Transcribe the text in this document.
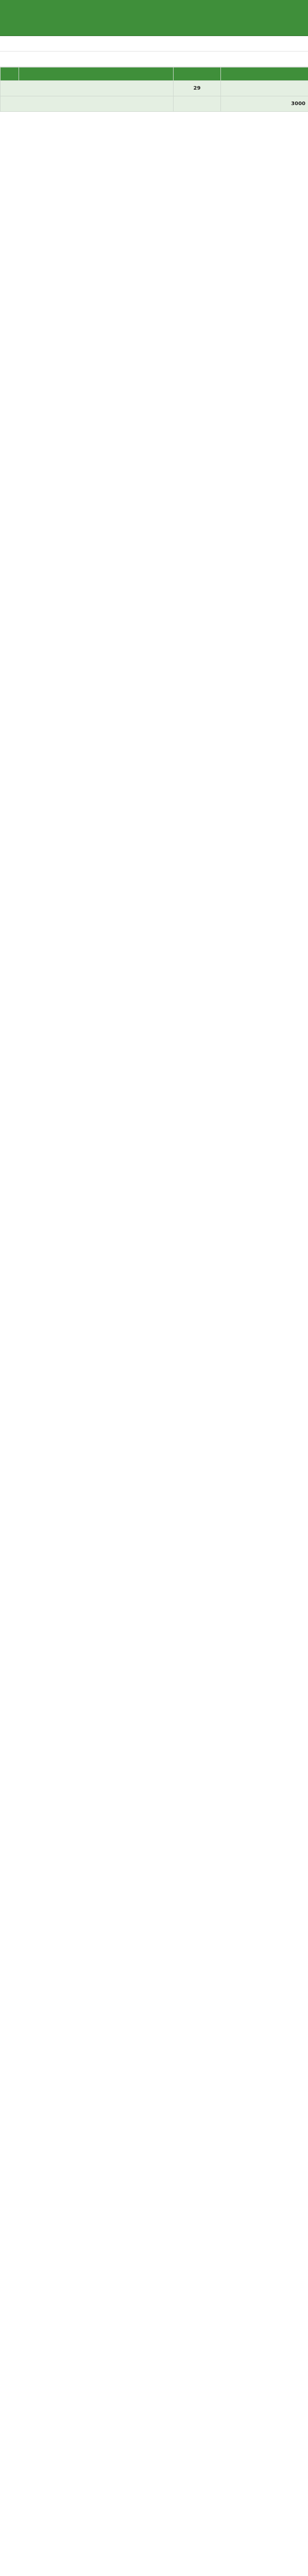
		29	
			3000
